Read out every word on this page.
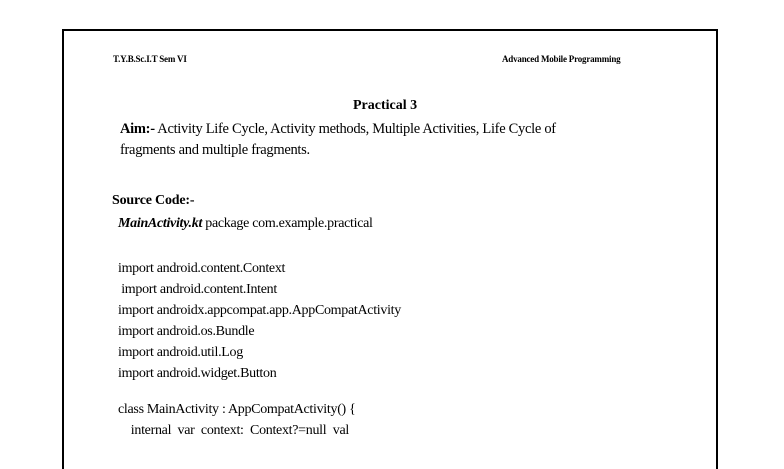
T.Y.B.Sc.I.T Sem VI	Advanced Mobile Programming
Practical 3
Aim:- Activity Life Cycle, Activity methods, Multiple Activities, Life Cycle of
fragments and multiple fragments.
Source Code:-
MainActivity.kt package com.example.practical
import android.content.Context
import android.content.Intent
import androidx.appcompat.app.AppCompatActivity
import android.os.Bundle
import android.util.Log
import android.widget.Button
class MainActivity : AppCompatActivity() {
internal  var  context:  Context?=null  val
